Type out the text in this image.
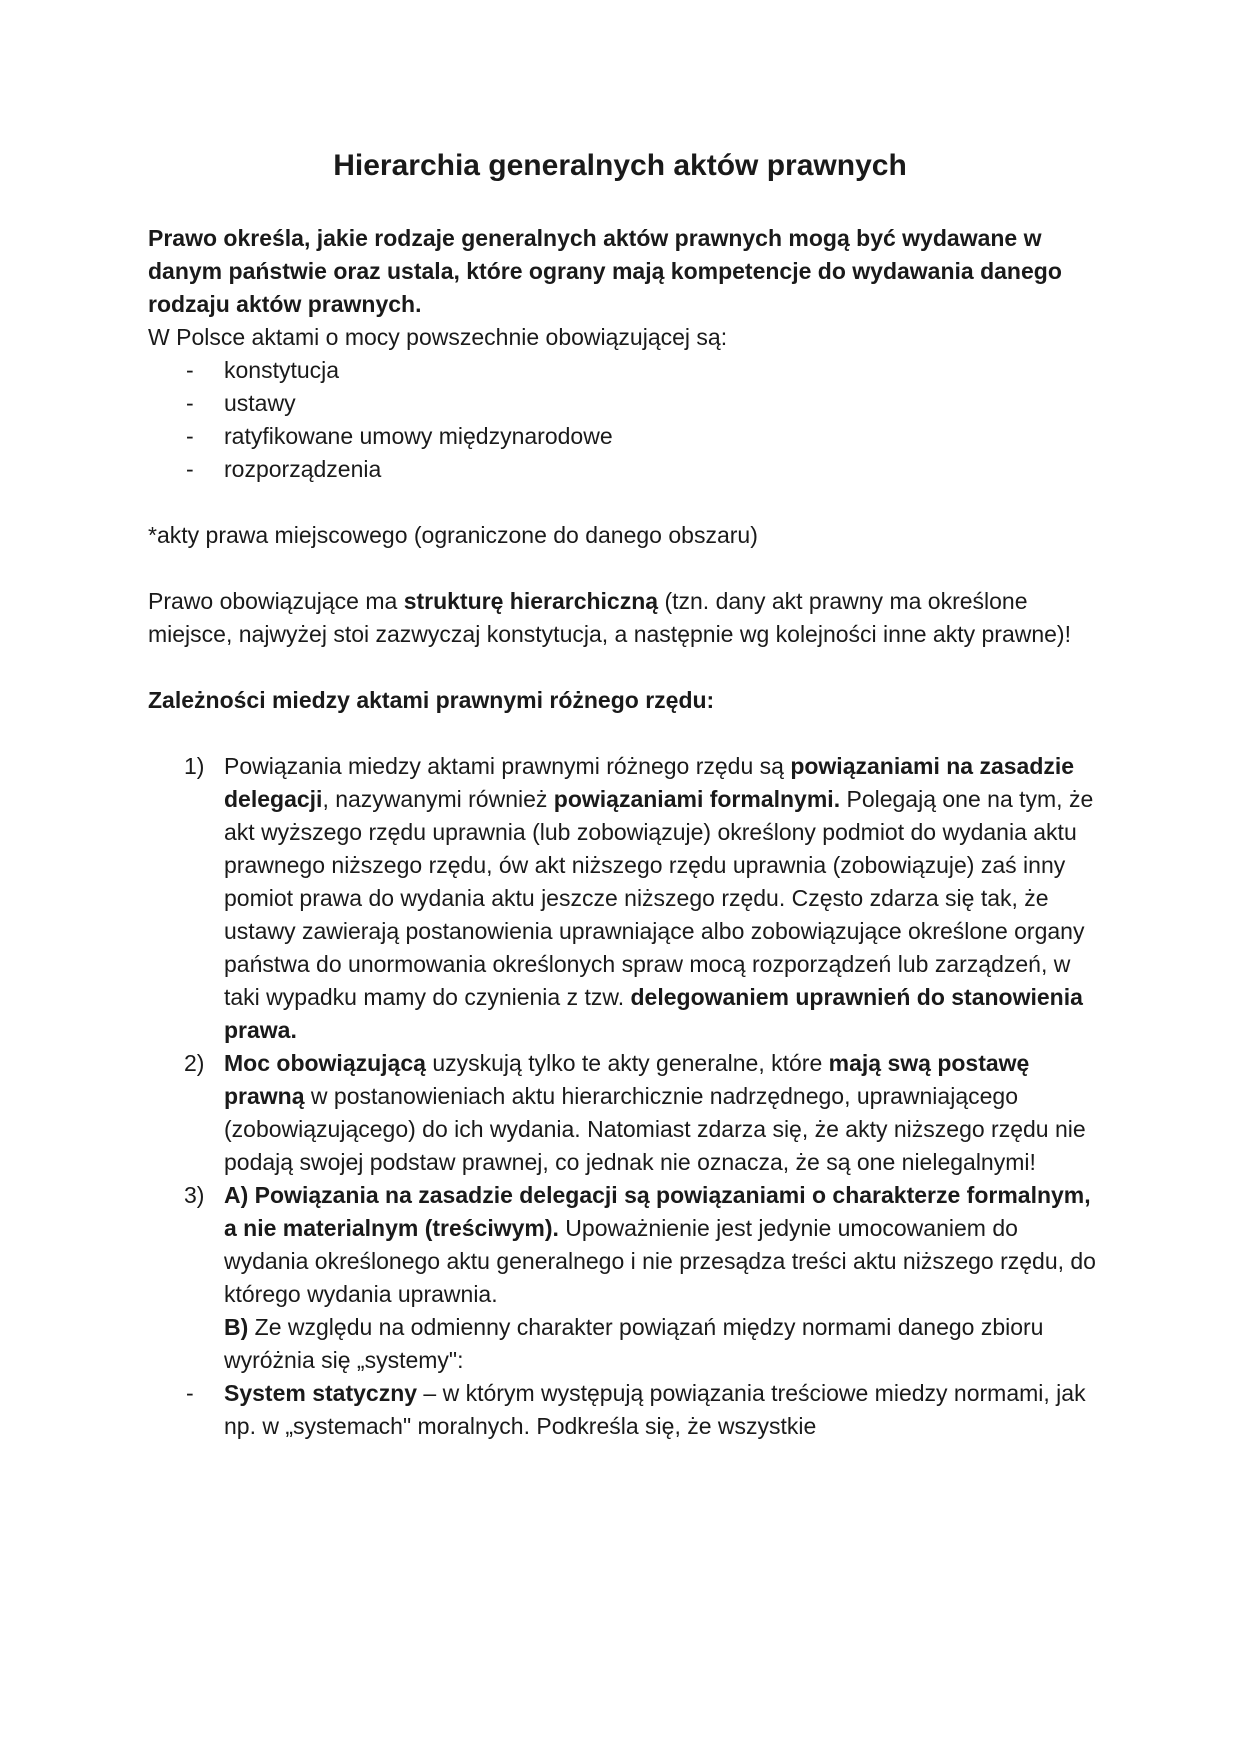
Hierarchia generalnych aktów prawnych

Prawo określa, jakie rodzaje generalnych aktów prawnych mogą być wydawane w danym państwie oraz ustala, które ograny mają kompetencje do wydawania danego rodzaju aktów prawnych.

W Polsce aktami o mocy powszechnie obowiązującej są:

- konstytucja
- ustawy
- ratyfikowane umowy międzynarodowe
- rozporządzenia

*akty prawa miejscowego (ograniczone do danego obszaru)

Prawo obowiązujące ma strukturę hierarchiczną (tzn. dany akt prawny ma określone miejsce, najwyżej stoi zazwyczaj konstytucja, a następnie wg kolejności inne akty prawne)!

Zależności miedzy aktami prawnymi różnego rzędu:

1) Powiązania miedzy aktami prawnymi różnego rzędu są powiązaniami na zasadzie delegacji, nazywanymi również powiązaniami formalnymi. Polegają one na tym, że akt wyższego rzędu uprawnia (lub zobowiązuje) określony podmiot do wydania aktu prawnego niższego rzędu, ów akt niższego rzędu uprawnia (zobowiązuje) zaś inny pomiot prawa do wydania aktu jeszcze niższego rzędu. Często zdarza się tak, że ustawy zawierają postanowienia uprawniające albo zobowiązujące określone organy państwa do unormowania określonych spraw mocą rozporządzeń lub zarządzeń, w taki wypadku mamy do czynienia z tzw. delegowaniem uprawnień do stanowienia prawa.
2) Moc obowiązującą uzyskują tylko te akty generalne, które mają swą postawę prawną w postanowieniach aktu hierarchicznie nadrzędnego, uprawniającego (zobowiązującego) do ich wydania. Natomiast zdarza się, że akty niższego rzędu nie podają swojej podstaw prawnej, co jednak nie oznacza, że są one nielegalnymi!
3) A) Powiązania na zasadzie delegacji są powiązaniami o charakterze formalnym, a nie materialnym (treściwym). Upoważnienie jest jedynie umocowaniem do wydania określonego aktu generalnego i nie przesądza treści aktu niższego rzędu, do którego wydania uprawnia.
B) Ze względu na odmienny charakter powiązań między normami danego zbioru wyróżnia się „systemy":
- System statyczny – w którym występują powiązania treściowe miedzy normami, jak np. w „systemach" moralnych. Podkreśla się, że wszystkie
